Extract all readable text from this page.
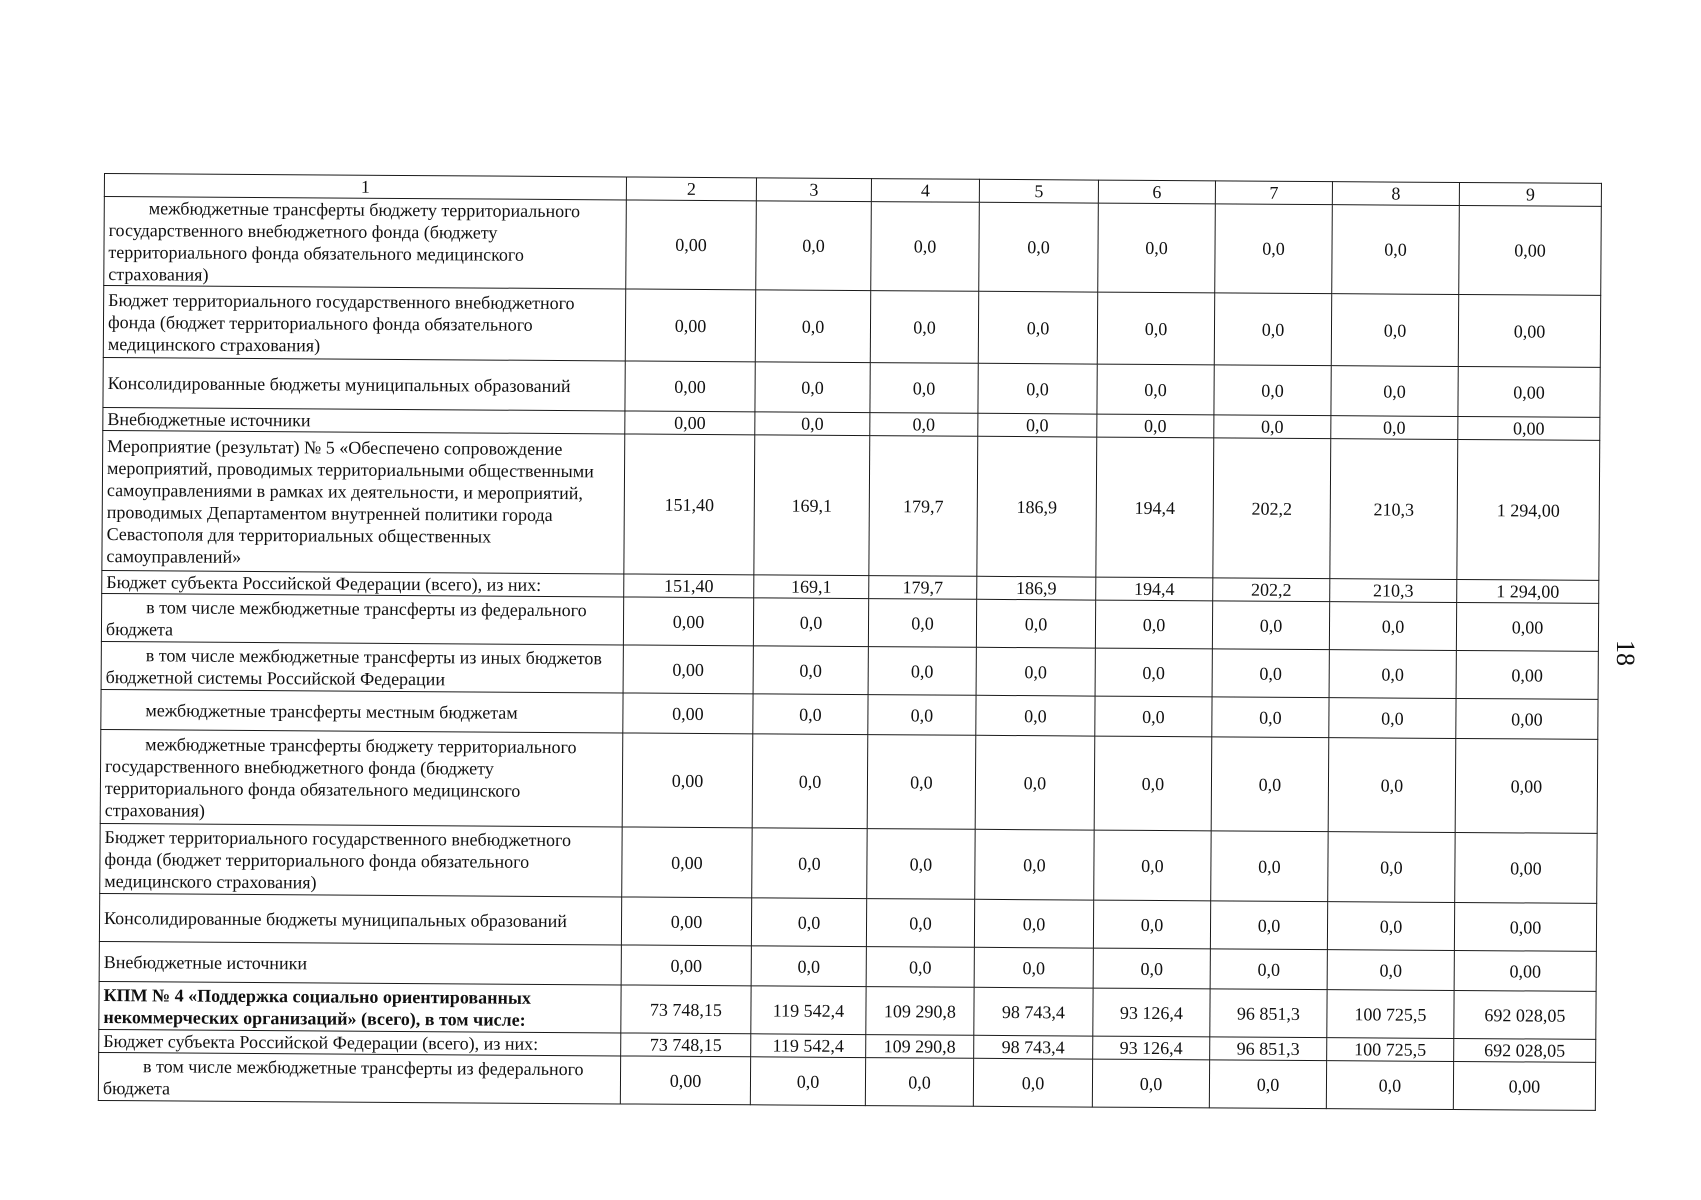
1	2	3	4	5	6	7	8	9
межбюджетные трансферты бюджету территориального государственного внебюджетного фонда (бюджету территориального фонда обязательного медицинского страхования)	0,00	0,0	0,0	0,0	0,0	0,0	0,0	0,00
Бюджет территориального государственного внебюджетного фонда (бюджет территориального фонда обязательного медицинского страхования)	0,00	0,0	0,0	0,0	0,0	0,0	0,0	0,00
Консолидированные бюджеты муниципальных образований	0,00	0,0	0,0	0,0	0,0	0,0	0,0	0,00
Внебюджетные источники	0,00	0,0	0,0	0,0	0,0	0,0	0,0	0,00
Мероприятие (результат) № 5 «Обеспечено сопровождение мероприятий, проводимых территориальными общественными самоуправлениями в рамках их деятельности, и мероприятий, проводимых Департаментом внутренней политики города Севастополя для территориальных общественных самоуправлений»	151,40	169,1	179,7	186,9	194,4	202,2	210,3	1 294,00
Бюджет субъекта Российской Федерации (всего), из них:	151,40	169,1	179,7	186,9	194,4	202,2	210,3	1 294,00
в том числе межбюджетные трансферты из федерального бюджета	0,00	0,0	0,0	0,0	0,0	0,0	0,0	0,00
в том числе межбюджетные трансферты из иных бюджетов бюджетной системы Российской Федерации	0,00	0,0	0,0	0,0	0,0	0,0	0,0	0,00
межбюджетные трансферты местным бюджетам	0,00	0,0	0,0	0,0	0,0	0,0	0,0	0,00
межбюджетные трансферты бюджету территориального государственного внебюджетного фонда (бюджету территориального фонда обязательного медицинского страхования)	0,00	0,0	0,0	0,0	0,0	0,0	0,0	0,00
Бюджет территориального государственного внебюджетного фонда (бюджет территориального фонда обязательного медицинского страхования)	0,00	0,0	0,0	0,0	0,0	0,0	0,0	0,00
Консолидированные бюджеты муниципальных образований	0,00	0,0	0,0	0,0	0,0	0,0	0,0	0,00
Внебюджетные источники	0,00	0,0	0,0	0,0	0,0	0,0	0,0	0,00
КПМ № 4 «Поддержка социально ориентированных некоммерческих организаций» (всего), в том числе:	73 748,15	119 542,4	109 290,8	98 743,4	93 126,4	96 851,3	100 725,5	692 028,05
Бюджет субъекта Российской Федерации (всего), из них:	73 748,15	119 542,4	109 290,8	98 743,4	93 126,4	96 851,3	100 725,5	692 028,05
в том числе межбюджетные трансферты из федерального бюджета	0,00	0,0	0,0	0,0	0,0	0,0	0,0	0,00
18
